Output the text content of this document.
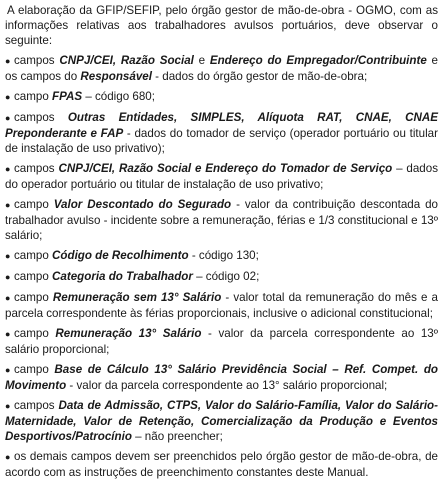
A elaboração da GFIP/SEFIP, pelo órgão gestor de mão-de-obra - OGMO, com as informações relativas aos trabalhadores avulsos portuários, deve observar o seguinte:

● campos CNPJ/CEI, Razão Social e Endereço do Empregador/Contribuinte e os campos do Responsável - dados do órgão gestor de mão-de-obra;

● campo FPAS – código 680;

● campos Outras Entidades, SIMPLES, Alíquota RAT, CNAE, CNAE Preponderante e FAP - dados do tomador de serviço (operador portuário ou titular de instalação de uso privativo);

● campos CNPJ/CEI, Razão Social e Endereço do Tomador de Serviço – dados do operador portuário ou titular de instalação de uso privativo;

● campo Valor Descontado do Segurado - valor da contribuição descontada do trabalhador avulso - incidente sobre a remuneração, férias e 1/3 constitucional e 13º salário;

● campo Código de Recolhimento - código 130;

● campo Categoria do Trabalhador – código 02;

● campo Remuneração sem 13° Salário - valor total da remuneração do mês e a parcela correspondente às férias proporcionais, inclusive o adicional constitucional;

● campo Remuneração 13° Salário - valor da parcela correspondente ao 13º salário proporcional;

● campo Base de Cálculo 13° Salário Previdência Social – Ref. Compet. do Movimento - valor da parcela correspondente ao 13° salário proporcional;

● campos Data de Admissão, CTPS, Valor do Salário-Família, Valor do Salário-Maternidade, Valor de Retenção, Comercialização da Produção e Eventos Desportivos/Patrocínio – não preencher;

● os demais campos devem ser preenchidos pelo órgão gestor de mão-de-obra, de acordo com as instruções de preenchimento constantes deste Manual.
